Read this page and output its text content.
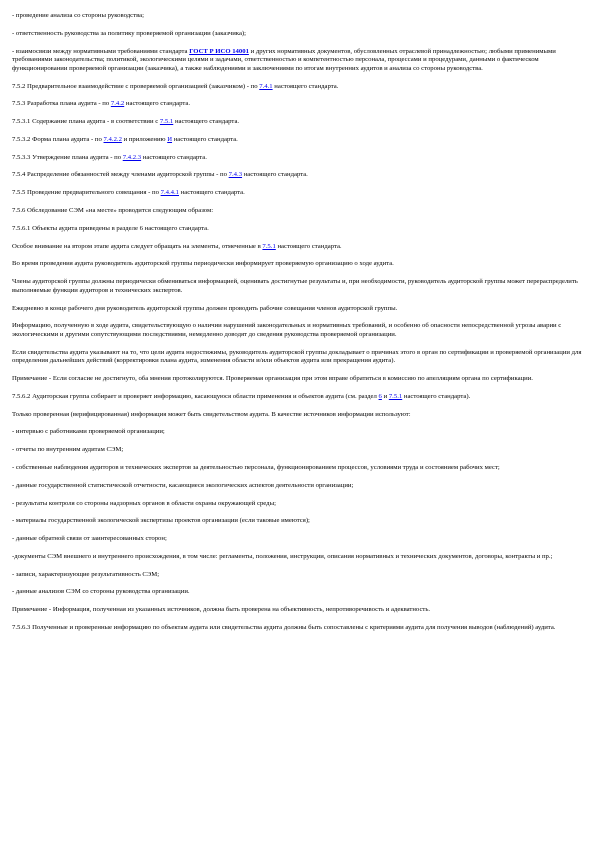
- проведение анализа со стороны руководства;

- ответственность руководства за политику проверяемой организации (заказчика);

- взаимосвязи между нормативными требованиями стандарта ГОСТ Р ИСО 14001 и других нормативных документов, обусловленных отраслевой принадлежностью; любыми применимыми требованиями законодательства; политикой, экологическими целями и задачами, ответственностью и компетентностью персонала, процессами и процедурами, данными о фактическом функционировании проверяемой организации (заказчика), а также наблюдениями и заключениями по итогам внутренних аудитов и анализа со стороны руководства.

7.5.2 Предварительное взаимодействие с проверяемой организацией (заказчиком) - по 7.4.1 настоящего стандарта.

7.5.3 Разработка плана аудита - по 7.4.2 настоящего стандарта.

7.5.3.1 Содержание плана аудита - в соответствии с 7.5.1 настоящего стандарта.

7.5.3.2 Форма плана аудита - по 7.4.2.2 и приложению И настоящего стандарта.

7.5.3.3 Утверждение плана аудита - по 7.4.2.3 настоящего стандарта.

7.5.4 Распределение обязанностей между членами аудиторской группы - по 7.4.3 настоящего стандарта.

7.5.5 Проведение предварительного совещания - по 7.4.4.1 настоящего стандарта.

7.5.6 Обследование СЭМ «на месте» проводится следующим образом:

7.5.6.1 Объекты аудита приведены в разделе 6 настоящего стандарта.

Особое внимание на втором этапе аудита следует обращать на элементы, отмеченные в 7.5.1 настоящего стандарта.

Во время проведения аудита руководитель аудиторской группы периодически информирует проверяемую организацию о ходе аудита.

Члены аудиторской группы должны периодически обмениваться информацией, оценивать достигнутые результаты и, при необходимости, руководитель аудиторской группы может перераспределить выполняемые функции аудиторов и технических экспертов.

Ежедневно в конце рабочего дня руководитель аудиторской группы должен проводить рабочие совещания членов аудиторской группы.

Информацию, полученную в ходе аудита, свидетельствующую о наличии нарушений законодательных и нормативных требований, и особенно об опасности непосредственной угрозы аварии с экологическими и другими сопутствующими последствиями, немедленно доводят до сведения руководства проверяемой организации.

Если свидетельства аудита указывают на то, что цели аудита недостижимы, руководитель аудиторской группы докладывает о причинах этого в орган по сертификации и проверяемой организации для определения дальнейших действий (корректировки плана аудита, изменения области и/или объектов аудита или прекращения аудита).

Примечание - Если согласие не достигнуто, оба мнения протоколируются. Проверяемая организация при этом вправе обратиться в комиссию по апелляциям органа по сертификации.

7.5.6.2 Аудиторская группа собирает и проверяет информацию, касающуюся области применения и объектов аудита (см. раздел 6 и 7.5.1 настоящего стандарта).

Только проверенная (верифицированная) информация может быть свидетельством аудита. В качестве источников информации используют:

- интервью с работниками проверяемой организации;

- отчеты по внутренним аудитам СЭМ;

- собственные наблюдения аудиторов и технических экспертов за деятельностью персонала, функционированием процессов, условиями труда и состоянием рабочих мест;

- данные государственной статистической отчетности, касающиеся экологических аспектов деятельности организации;

- результаты контроля со стороны надзорных органов в области охраны окружающей среды;

- материалы государственной экологической экспертизы проектов организации (если таковые имеются);

- данные обратной связи от заинтересованных сторон;

-документы СЭМ внешнего и внутреннего происхождения, в том числе: регламенты, положения, инструкции, описания нормативных и технических документов, договоры, контракты и пр.;

- записи, характеризующие результативность СЭМ;

- данные анализов СЭМ со стороны руководства организации.

Примечание - Информация, полученная из указанных источников, должна быть проверена на объективность, непротиворечивость и адекватность.

7.5.6.3 Полученные и проверенные информацию по объектам аудита или свидетельства аудита должны быть сопоставлены с критериями аудита для получения выводов (наблюдений) аудита.
